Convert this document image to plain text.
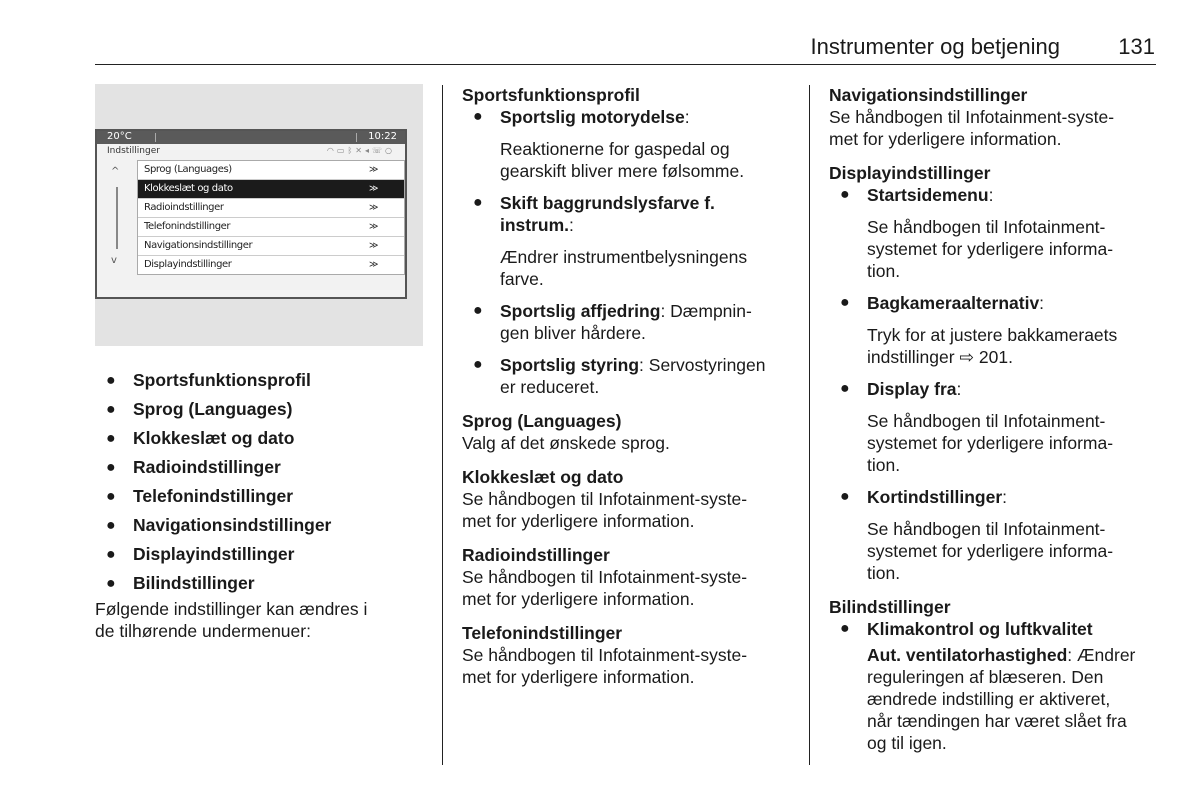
Instrumenter og betjening	131
20°C	10:22
Indstillinger	◠▭ᛒ✕◂☏○
^
v
Sprog (Languages)	≫
Klokkeslæt og dato	≫
Radioindstillinger	≫
Telefonindstillinger	≫
Navigationsindstillinger	≫
Displayindstillinger	≫

● Sportsfunktionsprofil

● Sprog (Languages)

● Klokkeslæt og dato

● Radioindstillinger

● Telefonindstillinger

● Navigationsindstillinger

● Displayindstillinger

● Bilindstillinger

Følgende indstillinger kan ændres i

de tilhørende undermenuer:

Sportsfunktionsprofil

● Sportslig motorydelse:

Reaktionerne for gaspedal og

gearskift bliver mere følsomme.

● Skift baggrundslysfarve f.

instrum.:

Ændrer instrumentbelysningens

farve.

● Sportslig affjedring: Dæmpnin-

gen bliver hårdere.

● Sportslig styring: Servostyringen

er reduceret.

Sprog (Languages)

Valg af det ønskede sprog.

Klokkeslæt og dato

Se håndbogen til Infotainment-syste-

met for yderligere information.

Radioindstillinger

Se håndbogen til Infotainment-syste-

met for yderligere information.

Telefonindstillinger

Se håndbogen til Infotainment-syste-

met for yderligere information.

Navigationsindstillinger

Se håndbogen til Infotainment-syste-

met for yderligere information.

Displayindstillinger

● Startsidemenu:

Se håndbogen til Infotainment-

systemet for yderligere informa-

tion.

● Bagkameraalternativ:

Tryk for at justere bakkameraets

indstillinger ⇨ 201.

● Display fra:

Se håndbogen til Infotainment-

systemet for yderligere informa-

tion.

● Kortindstillinger:

Se håndbogen til Infotainment-

systemet for yderligere informa-

tion.

Bilindstillinger

● Klimakontrol og luftkvalitet

Aut. ventilatorhastighed: Ændrer

reguleringen af blæseren. Den

ændrede indstilling er aktiveret,

når tændingen har været slået fra

og til igen.
